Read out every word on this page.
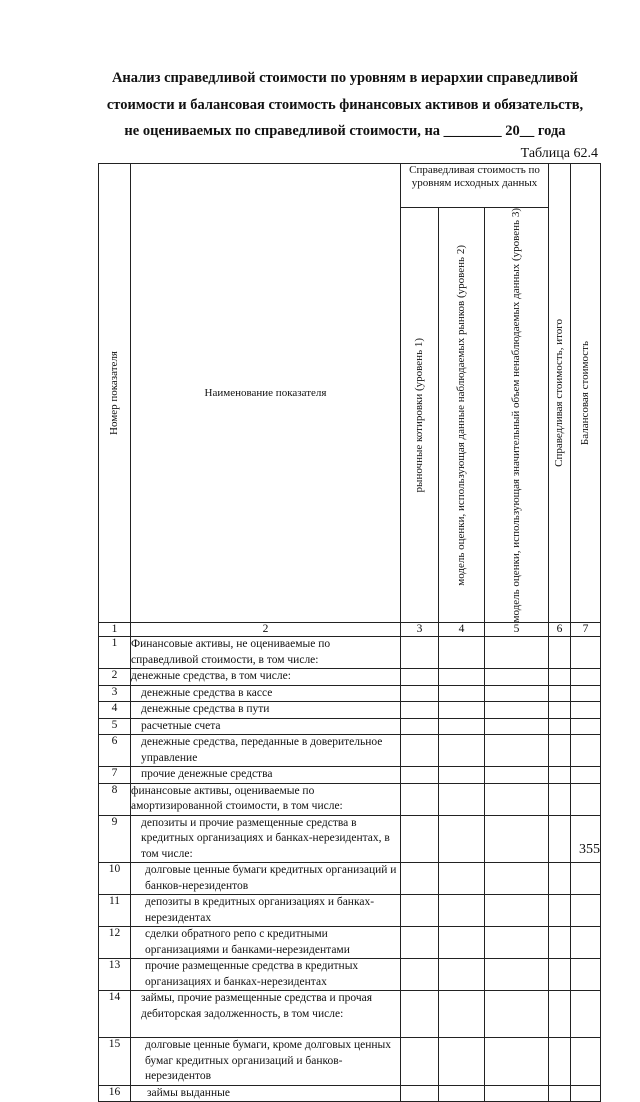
Анализ справедливой стоимости по уровням в иерархии справедливой
стоимости и балансовая стоимость финансовых активов и обязательств,
не оцениваемых по справедливой стоимости, на ________ 20__ года
Таблица 62.4
Номер показателя	Наименование показателя	Справедливая стоимость по уровням исходных данных			Справедливая стоимость, итого	Балансовая стоимость

		рыночные котировки (уровень 1)	модель оценки, использующая данные наблюдаемых рынков (уровень 2)	модель оценки, использующая значительный объем ненаблюдаемых данных (уровень 3)		

1	2	3	4	5	6	7
1	Финансовые активы, не оцениваемые по справедливой стоимости, в том числе:					
2	денежные средства, в том числе:					
3	денежные средства в кассе					
4	денежные средства в пути					
5	расчетные счета					
6	денежные средства, переданные в доверительное управление					
7	прочие денежные средства					
8	финансовые активы, оцениваемые по амортизированной стоимости, в том числе:					
9	депозиты и прочие размещенные средства в кредитных организациях и банках-нерезидентах, в том числе:					
10	долговые ценные бумаги кредитных организаций и банков-нерезидентов					
11	депозиты в кредитных организациях и банках-нерезидентах					
12	сделки обратного репо с кредитными организациями и банками-нерезидентами					
13	прочие размещенные средства в кредитных организациях и банках-нерезидентах					
14	займы, прочие размещенные средства и прочая дебиторская задолженность, в том числе:					
15	долговые ценные бумаги, кроме долговых ценных бумаг кредитных организаций и банков-нерезидентов					
16	займы выданные					
355
